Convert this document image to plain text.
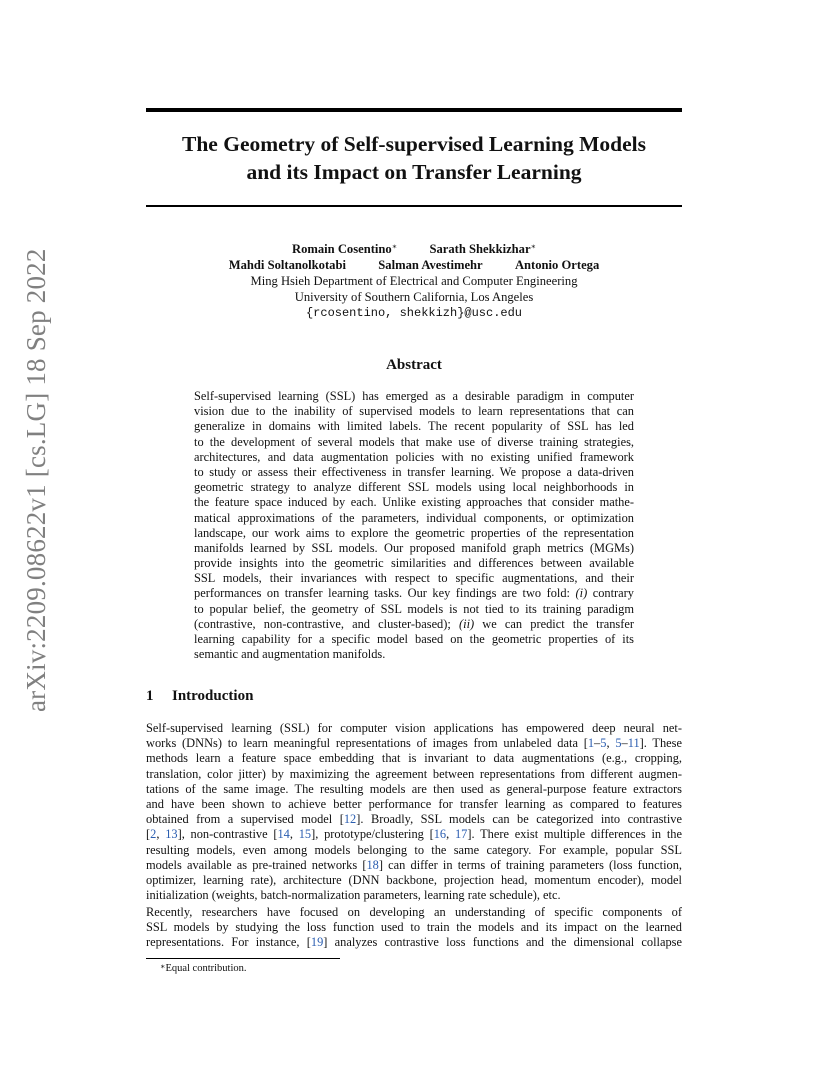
arXiv:2209.08622v1 [cs.LG] 18 Sep 2022
The Geometry of Self-supervised Learning Models
and its Impact on Transfer Learning
Romain Cosentino∗	Sarath Shekkizhar∗
Mahdi Soltanolkotabi	Salman Avestimehr	Antonio Ortega
Ming Hsieh Department of Electrical and Computer Engineering
University of Southern California, Los Angeles
{rcosentino, shekkizh}@usc.edu
Abstract
Self-supervised learning (SSL) has emerged as a desirable paradigm in computer
vision due to the inability of supervised models to learn representations that can
generalize in domains with limited labels. The recent popularity of SSL has led
to the development of several models that make use of diverse training strategies,
architectures, and data augmentation policies with no existing unified framework
to study or assess their effectiveness in transfer learning. We propose a data-driven
geometric strategy to analyze different SSL models using local neighborhoods in
the feature space induced by each. Unlike existing approaches that consider mathe-
matical approximations of the parameters, individual components, or optimization
landscape, our work aims to explore the geometric properties of the representation
manifolds learned by SSL models. Our proposed manifold graph metrics (MGMs)
provide insights into the geometric similarities and differences between available
SSL models, their invariances with respect to specific augmentations, and their
performances on transfer learning tasks. Our key findings are two fold: (i) contrary
to popular belief, the geometry of SSL models is not tied to its training paradigm
(contrastive, non-contrastive, and cluster-based); (ii) we can predict the transfer
learning capability for a specific model based on the geometric properties of its
semantic and augmentation manifolds.
1 Introduction
Self-supervised learning (SSL) for computer vision applications has empowered deep neural net-
works (DNNs) to learn meaningful representations of images from unlabeled data [1–5, 5–11]. These
methods learn a feature space embedding that is invariant to data augmentations (e.g., cropping,
translation, color jitter) by maximizing the agreement between representations from different augmen-
tations of the same image. The resulting models are then used as general-purpose feature extractors
and have been shown to achieve better performance for transfer learning as compared to features
obtained from a supervised model [12]. Broadly, SSL models can be categorized into contrastive
[2, 13], non-contrastive [14, 15], prototype/clustering [16, 17]. There exist multiple differences in the
resulting models, even among models belonging to the same category. For example, popular SSL
models available as pre-trained networks [18] can differ in terms of training parameters (loss function,
optimizer, learning rate), architecture (DNN backbone, projection head, momentum encoder), model
initialization (weights, batch-normalization parameters, learning rate schedule), etc.
Recently, researchers have focused on developing an understanding of specific components of
SSL models by studying the loss function used to train the models and its impact on the learned
representations. For instance, [19] analyzes contrastive loss functions and the dimensional collapse
∗Equal contribution.
